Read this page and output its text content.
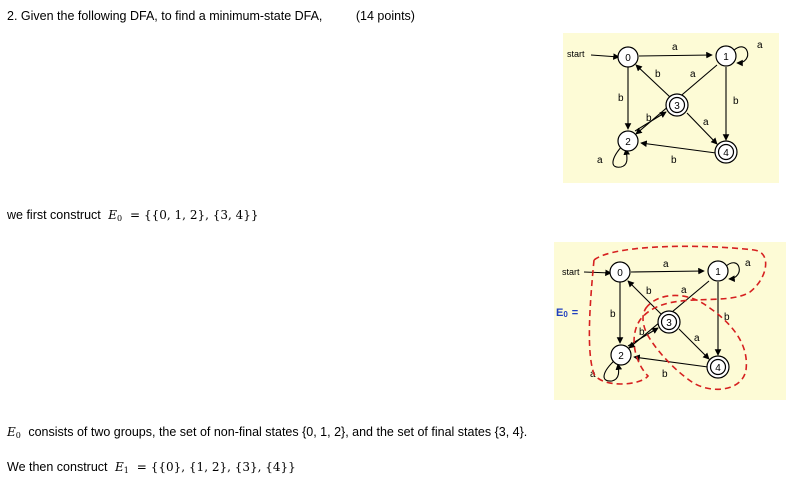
2. Given the following DFA, to find a minimum-state DFA,	(14 points)
start
a	a
b	a
b
b
b
a
b
a
0	1
2
3
4
we first construct $E_0 = \{\{0$, 1, 2}, {3, 4}}
E0 =
start
a	a
b	a
b
b
b
a
b
a
0	1
2
3
4
$E_0$ consists of two groups, the set of non-final states {0, 1, 2}, and the set of final states {3, 4}.
We then construct $E_1 = \{\{0\}$, {1, 2}, {3}, {4}}
